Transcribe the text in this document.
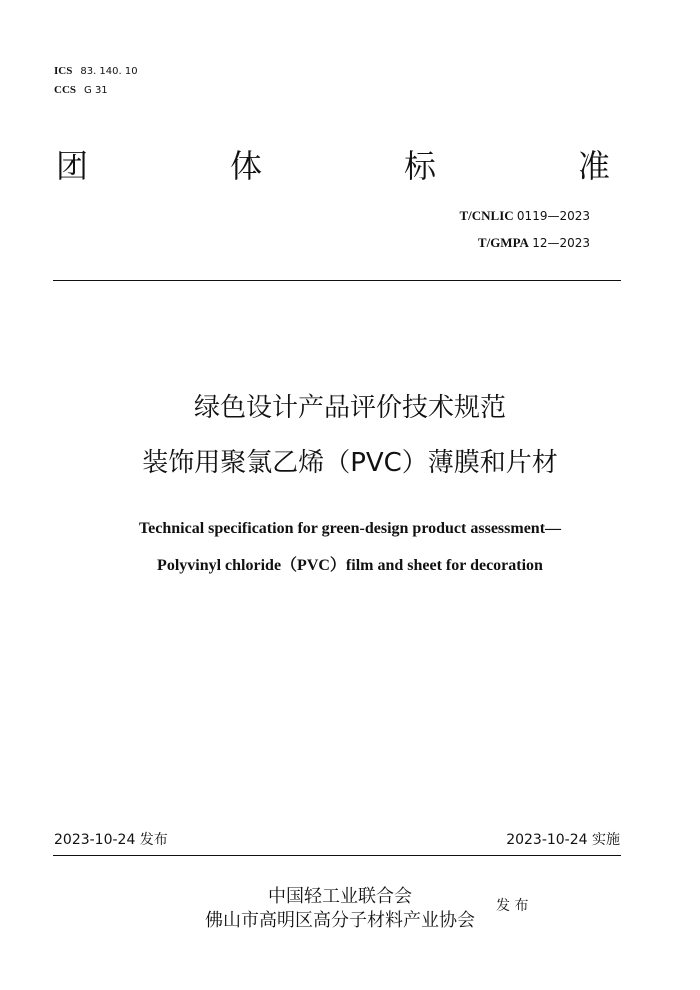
ICS 83. 140. 10
CCS G 31
团	体	标	准
T/CNLIC 0119—2023
T/GMPA 12—2023
绿色设计产品评价技术规范
装饰用聚氯乙烯（PVC）薄膜和片材
Technical specification for green-design product assessment—
Polyvinyl chloride（PVC）film and sheet for decoration
2023-10-24 发布	2023-10-24 实施
中国轻工业联合会
佛山市高明区高分子材料产业协会
发 布
